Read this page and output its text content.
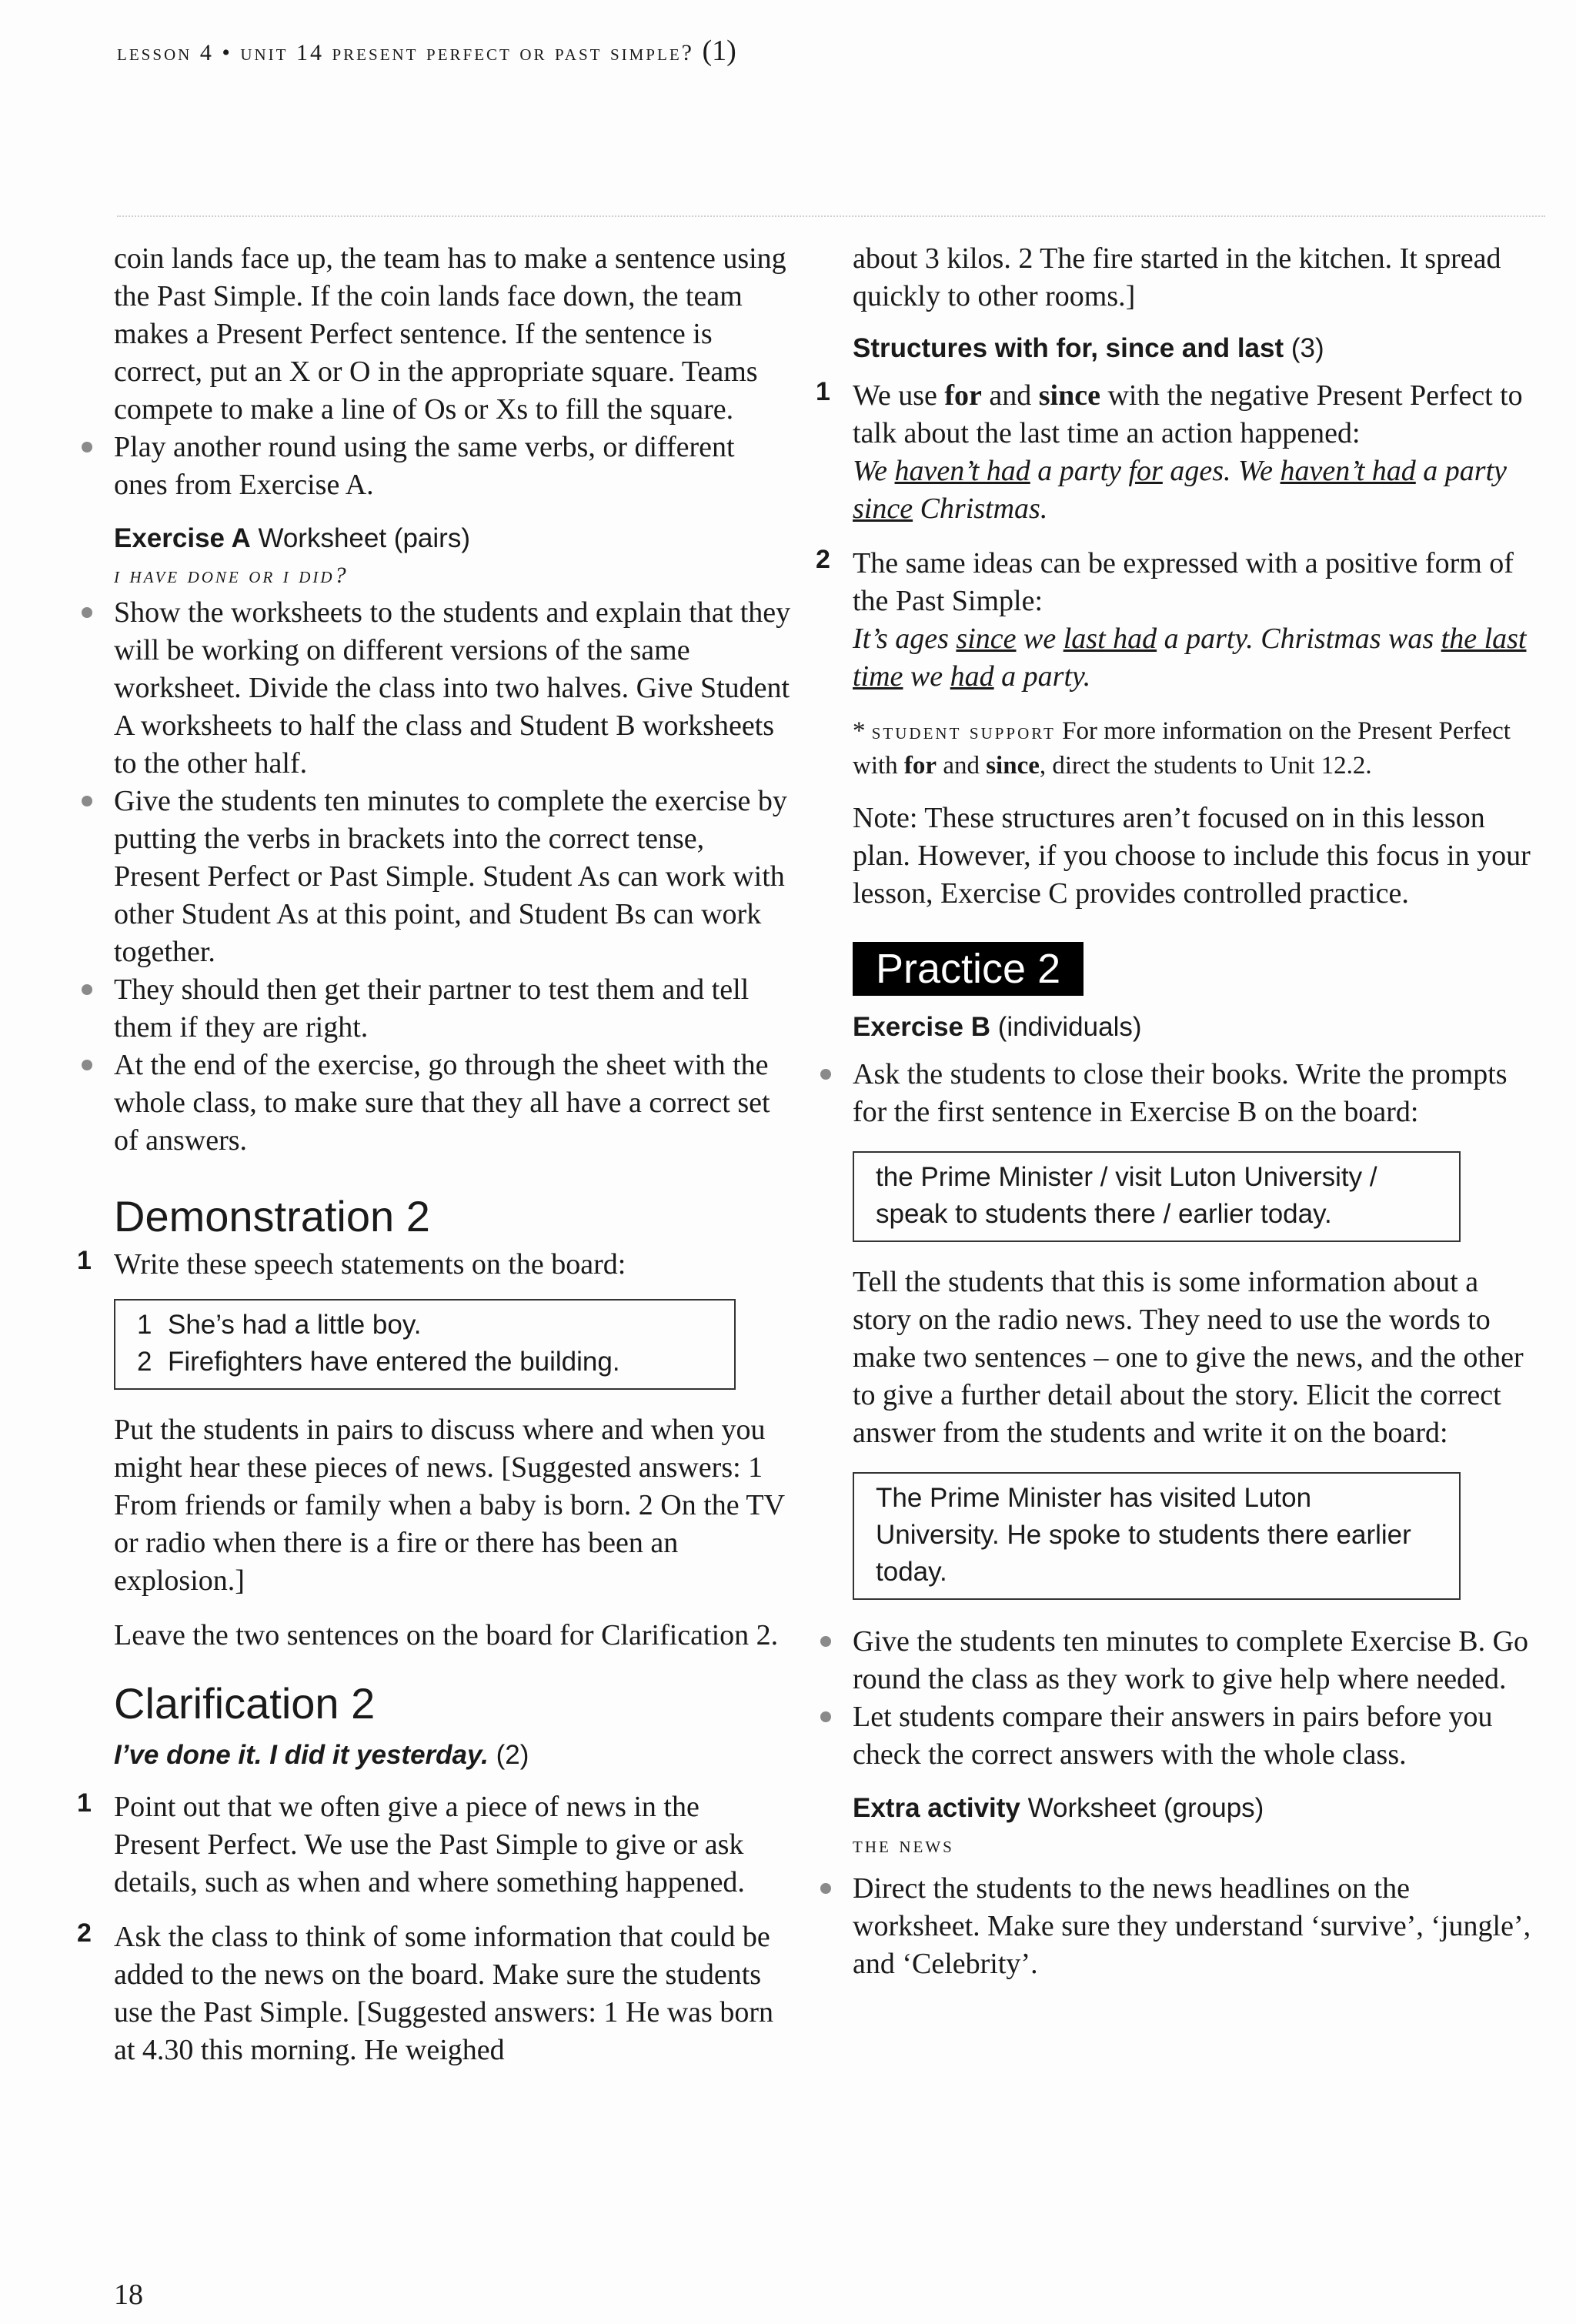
lesson 4 • unit 14 present perfect or past simple? (1)

coin lands face up, the team has to make a sentence using the Past Simple. If the coin lands face down, the team makes a Present Perfect sentence. If the sentence is correct, put an X or O in the appropriate square. Teams compete to make a line of Os or Xs to fill the square.

Play another round using the same verbs, or different ones from Exercise A.

Exercise A Worksheet (pairs)

i have done or i did?

Show the worksheets to the students and explain that they will be working on different versions of the same worksheet. Divide the class into two halves. Give Student A worksheets to half the class and Student B worksheets to the other half.

Give the students ten minutes to complete the exercise by putting the verbs in brackets into the correct tense, Present Perfect or Past Simple. Student As can work with other Student As at this point, and Student Bs can work together.

They should then get their partner to test them and tell them if they are right.

At the end of the exercise, go through the sheet with the whole class, to make sure that they all have a correct set of answers.

Demonstration 2
1 Write these speech statements on the board:

1 She’s had a little boy.
2 Firefighters have entered the building.

Put the students in pairs to discuss where and when you might hear these pieces of news. [Suggested answers: 1 From friends or family when a baby is born. 2 On the TV or radio when there is a fire or there has been an explosion.]

Leave the two sentences on the board for Clarification 2.

Clarification 2

I’ve done it. I did it yesterday. (2)

1 Point out that we often give a piece of news in the Present Perfect. We use the Past Simple to give or ask details, such as when and where something happened.

2 Ask the class to think of some information that could be added to the news on the board. Make sure the students use the Past Simple. [Suggested answers: 1 He was born at 4.30 this morning. He weighed

about 3 kilos. 2 The fire started in the kitchen. It spread quickly to other rooms.]

Structures with for, since and last (3)

1 We use for and since with the negative Present Perfect to talk about the last time an action happened:

We haven’t had a party for ages. We haven’t had a party since Christmas.

2 The same ideas can be expressed with a positive form of the Past Simple:

It’s ages since we last had a party. Christmas was the last time we had a party.

* student support For more information on the Present Perfect with for and since, direct the students to Unit 12.2.

Note: These structures aren’t focused on in this lesson plan. However, if you choose to include this focus in your lesson, Exercise C provides controlled practice.

Practice 2

Exercise B (individuals)

Ask the students to close their books. Write the prompts for the first sentence in Exercise B on the board:

the Prime Minister / visit Luton University / speak to students there / earlier today.

Tell the students that this is some information about a story on the radio news. They need to use the words to make two sentences – one to give the news, and the other to give a further detail about the story. Elicit the correct answer from the students and write it on the board:

The Prime Minister has visited Luton University. He spoke to students there earlier today.

Give the students ten minutes to complete Exercise B. Go round the class as they work to give help where needed.

Let students compare their answers in pairs before you check the correct answers with the whole class.

Extra activity Worksheet (groups)

the news

Direct the students to the news headlines on the worksheet. Make sure they understand ‘survive’, ‘jungle’, and ‘Celebrity’.

18
